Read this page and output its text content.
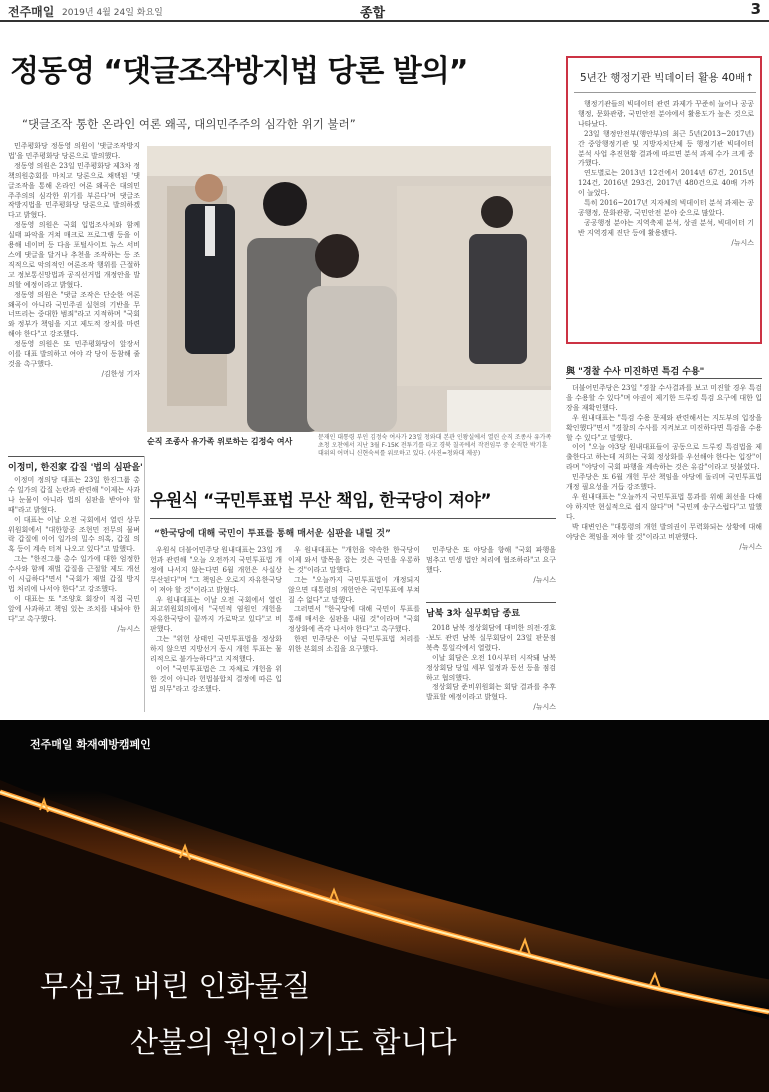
전주매일 2019년 4월 24일 화요일	종합	3
정동영 “댓글조작방지법 당론 발의”
“댓글조작 통한 온라인 여론 왜곡, 대의민주주의 심각한 위기 불러”

민주평화당 정동영 의원이 '댓글조작방지법'을 민주평화당 당론으로 발의했다.

정동영 의원은 23일 민주평화당 제3차 정책의원총회를 마치고 당론으로 채택된 '댓글조작을 통해 온라인 여론 왜곡은 대의민주주의의 심각한 위기를 부른다'며 댓글조작방지법을 민주평화당 당론으로 발의하겠다고 밝혔다.

정동영 의원은 국회 입법조사처와 함께 실태 파악을 거쳐 매크로 프로그램 등을 이용해 네이버 등 다음 포털사이트 뉴스 서비스에 댓글을 달거나 추천을 조작하는 등 조직적으로 악의적인 여론조작 행위를 근절하고 정보통신망법과 공직선거법 개정안을 발의할 예정이라고 밝혔다.

정동영 의원은 "댓글 조작은 단순한 여론 왜곡이 아니라 국민주권 실현의 기반을 무너뜨리는 중대한 범죄"라고 지적하며 "국회와 정부가 책임을 지고 제도적 장치를 마련해야 한다"고 강조했다.

정동영 의원은 또 민주평화당이 앞장서 이를 대표 발의하고 여야 각 당이 동참해 줄 것을 촉구했다.

/김한성 기자

순직 조종사 유가족 위로하는 김정숙 여사	문재인 대통령 부인 김정숙 여사가 23일 청와대 본관 인왕실에서 열린 순직 조종사 유가족 초청 오찬에서 지난 3월 F-15K 전투기를 타고 경북 칠곡에서 작전임무 중 순직한 박기훈 대위의 어머니 신현숙씨를 위로하고 있다. (사진=청와대 제공)
5년간 행정기관 빅데이터 활용 40배↑

행정기관들의 빅데이터 관련 과제가 꾸준히 늘어나 공공행정, 문화관광, 국민안전 분야에서 활용도가 높은 것으로 나타났다.

23일 행정안전부(행안부)의 최근 5년(2013~2017년)간 중앙행정기관 및 지방자치단체 등 행정기관 빅데이터 분석 사업 추진현황 결과에 따르면 분석 과제 수가 크게 증가했다.

연도별로는 2013년 12건에서 2014년 67건, 2015년 124건, 2016년 293건, 2017년 480건으로 40배 가까이 늘었다.

특히 2016~2017년 지자체의 빅데이터 분석 과제는 공공행정, 문화관광, 국민안전 분야 순으로 많았다.

공공행정 분야는 지역축제 분석, 상권 분석, 빅데이터 기반 지역경제 진단 등에 활용됐다.

/뉴시스

與 "경찰 수사 미진하면 특검 수용"

더불어민주당은 23일 "경찰 수사결과를 보고 미진할 경우 특검을 수용할 수 있다"며 야권이 제기한 드루킹 특검 요구에 대한 입장을 재확인했다.

우 원내대표는 "특검 수용 문제와 관련해서는 지도부의 입장을 확인했다"면서 "경찰의 수사를 지켜보고 미진하다면 특검을 수용할 수 있다"고 말했다.

이어 "오늘 야3당 원내대표들이 공동으로 드루킹 특검법을 제출한다고 하는데 저희는 국회 정상화를 우선해야 한다는 입장"이라며 "야당이 국회 파행을 계속하는 것은 유감"이라고 덧붙였다.

민주당은 또 6월 개헌 무산 책임을 야당에 돌리며 국민투표법 개정 필요성을 거듭 강조했다.

우 원내대표는 "오늘까지 국민투표법 통과를 위해 최선을 다해야 하지만 현실적으로 쉽지 않다"며 "국민께 송구스럽다"고 말했다.

박 대변인은 "대통령의 개헌 발의권이 무력화되는 상황에 대해 야당은 책임을 져야 할 것"이라고 비판했다.

/뉴시스

이정미, 한진家 갑질 '법의 심판을'

이정미 정의당 대표는 23일 한진그룹 총수 일가의 갑질 논란과 관련해 "이제는 사과나 눈물이 아니라 법의 심판을 받아야 할 때"라고 밝혔다.

이 대표는 이날 오전 국회에서 열린 상무위원회에서 "대한항공 조현민 전무의 물벼락 갑질에 이어 일가의 밀수 의혹, 갑질 의혹 등이 계속 터져 나오고 있다"고 말했다.

그는 "한진그룹 총수 일가에 대한 엄정한 수사와 함께 재벌 갑질을 근절할 제도 개선이 시급하다"면서 "국회가 재벌 갑질 방지법 처리에 나서야 한다"고 강조했다.

이 대표는 또 "조양호 회장이 직접 국민 앞에 사과하고 책임 있는 조치를 내놔야 한다"고 촉구했다.

/뉴시스

우원식 “국민투표법 무산 책임, 한국당이 져야”
“한국당에 대해 국민이 투표를 통해 매서운 심판을 내릴 것”

우원식 더불어민주당 원내대표는 23일 개헌과 관련해 "오늘 오전까지 국민투표법 개정에 나서지 않는다면 6월 개헌은 사실상 무산된다"며 "그 책임은 오로지 자유한국당이 져야 할 것"이라고 밝혔다.

우 원내대표는 이날 오전 국회에서 열린 최고위원회의에서 "국민적 염원인 개헌을 자유한국당이 끝까지 가로막고 있다"고 비판했다.

그는 "위헌 상태인 국민투표법을 정상화하지 않으면 지방선거 동시 개헌 투표는 물리적으로 불가능하다"고 지적했다.

이어 "국민투표법은 그 자체로 개헌을 위한 것이 아니라 헌법불합치 결정에 따른 입법 의무"라고 강조했다.

우 원내대표는 "개헌을 약속한 한국당이 이제 와서 발목을 잡는 것은 국민을 우롱하는 것"이라고 말했다.

그는 "오늘까지 국민투표법이 개정되지 않으면 대통령의 개헌안은 국민투표에 부쳐질 수 없다"고 말했다.

그러면서 "한국당에 대해 국민이 투표를 통해 매서운 심판을 내릴 것"이라며 "국회 정상화에 즉각 나서야 한다"고 촉구했다.

한편 민주당은 이날 국민투표법 처리를 위한 본회의 소집을 요구했다.

민주당은 또 야당을 향해 "국회 파행을 멈추고 민생 법안 처리에 협조하라"고 요구했다.

/뉴시스

남북 3차 실무회담 종료

2018 남북 정상회담에 대비한 의전·경호·보도 관련 남북 실무회담이 23일 판문점 북측 통일각에서 열렸다.

이날 회담은 오전 10시부터 시작돼 남북 정상회담 당일 세부 일정과 동선 등을 점검하고 협의했다.

정상회담 준비위원회는 회담 결과를 추후 발표할 예정이라고 밝혔다.

/뉴시스

전주매일 화재예방캠페인
무심코 버린 인화물질
산불의 원인이기도 합니다
